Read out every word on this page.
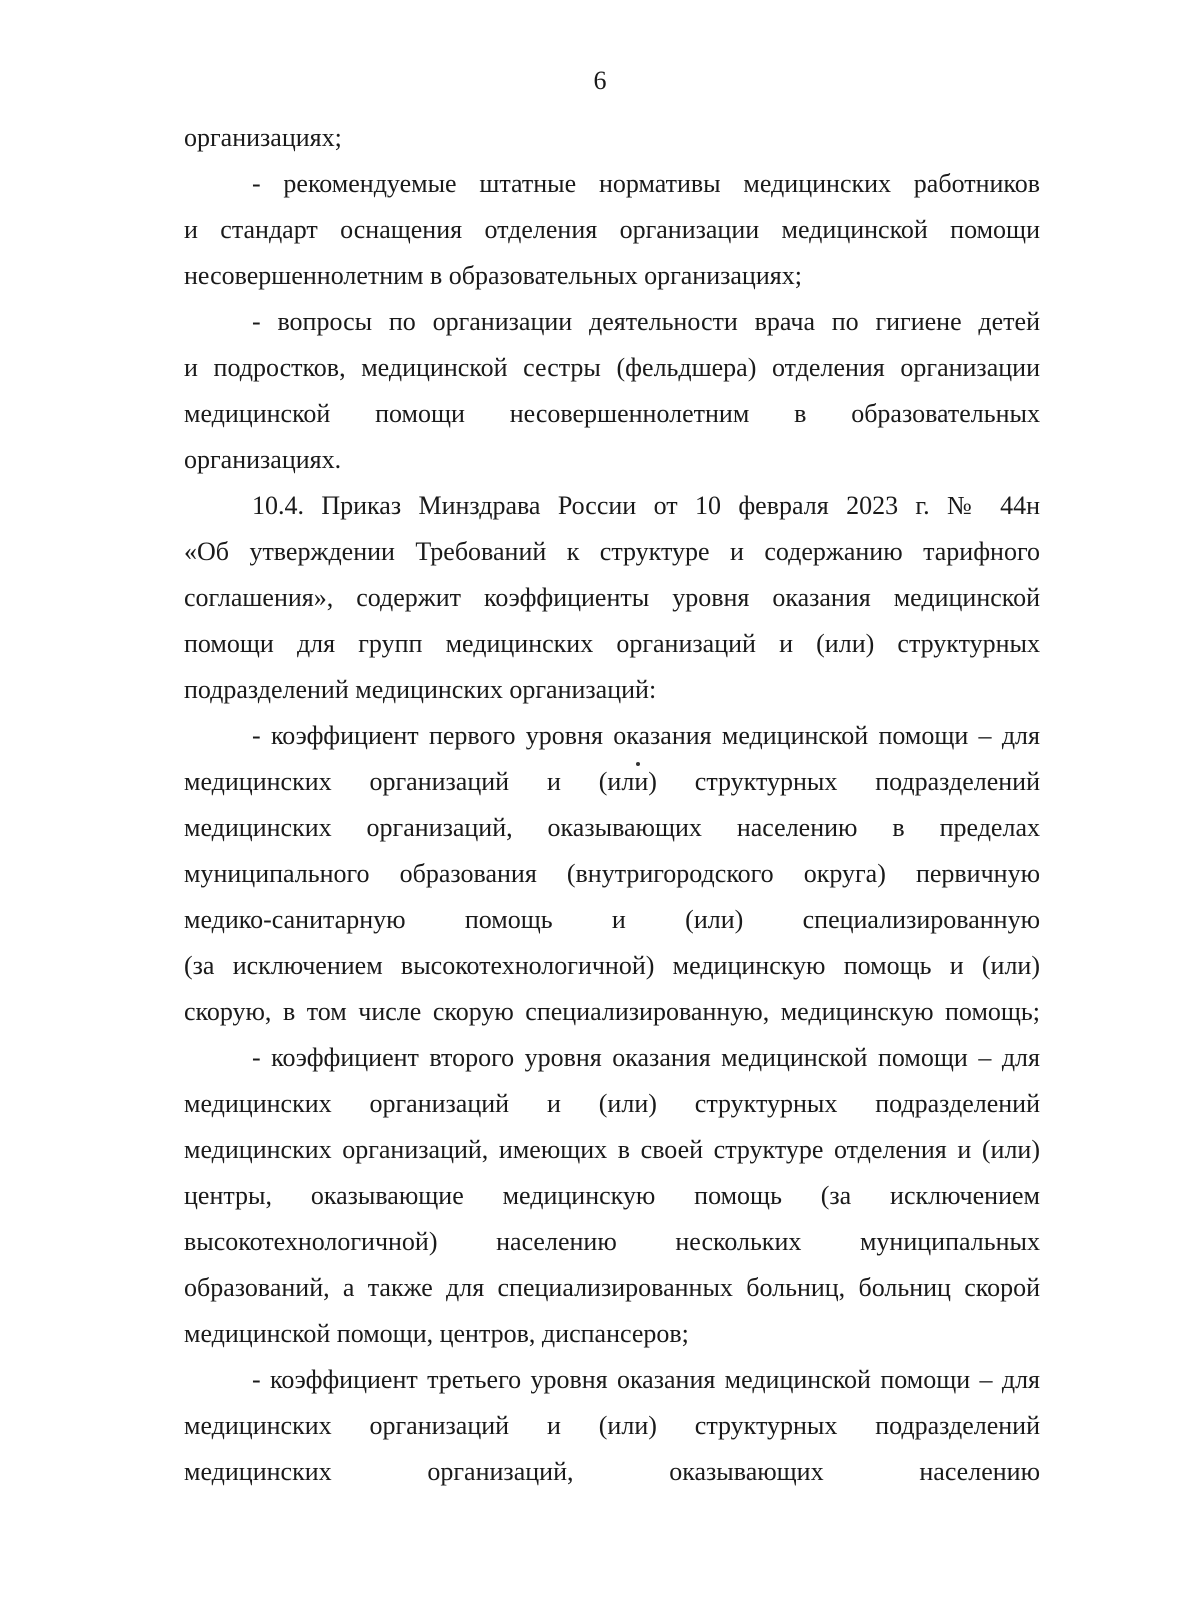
6
организациях;
- рекомендуемые штатные нормативы медицинских работников
и стандарт оснащения отделения организации медицинской помощи
несовершеннолетним в образовательных организациях;
- вопросы по организации деятельности врача по гигиене детей
и подростков, медицинской сестры (фельдшера) отделения организации
медицинской помощи несовершеннолетним в образовательных
организациях.
10.4. Приказ Минздрава России от 10 февраля 2023 г. № 44н
«Об утверждении Требований к структуре и содержанию тарифного
соглашения», содержит коэффициенты уровня оказания медицинской
помощи для групп медицинских организаций и (или) структурных
подразделений медицинских организаций:
- коэффициент первого уровня оказания медицинской помощи – для
медицинских организаций и (или) структурных подразделений
медицинских организаций, оказывающих населению в пределах
муниципального образования (внутригородского округа) первичную
медико-санитарную помощь и (или) специализированную
(за исключением высокотехнологичной) медицинскую помощь и (или)
скорую, в том числе скорую специализированную, медицинскую помощь;
- коэффициент второго уровня оказания медицинской помощи – для
медицинских организаций и (или) структурных подразделений
медицинских организаций, имеющих в своей структуре отделения и (или)
центры, оказывающие медицинскую помощь (за исключением
высокотехнологичной) населению нескольких муниципальных
образований, а также для специализированных больниц, больниц скорой
медицинской помощи, центров, диспансеров;
- коэффициент третьего уровня оказания медицинской помощи – для
медицинских организаций и (или) структурных подразделений
медицинских организаций, оказывающих населению
